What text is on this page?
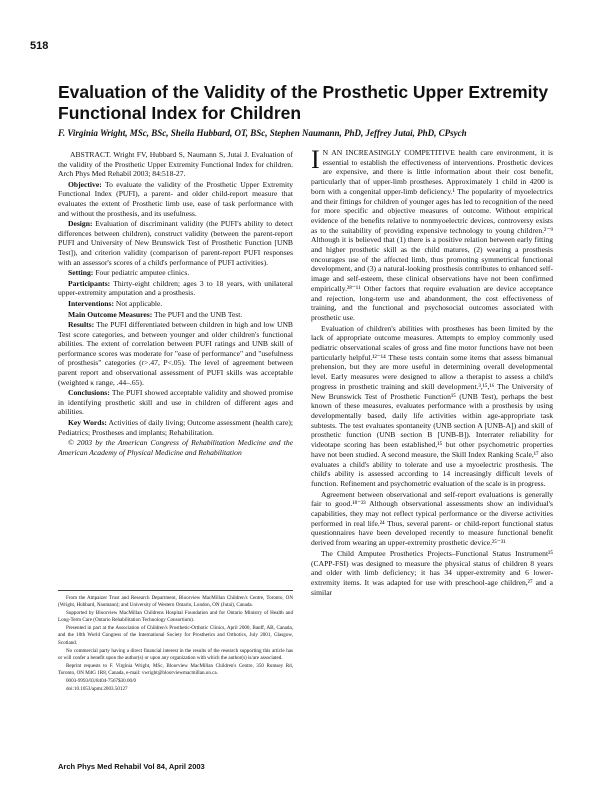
518
Evaluation of the Validity of the Prosthetic Upper Extremity Functional Index for Children

F. Virginia Wright, MSc, BSc, Sheila Hubbard, OT, BSc, Stephen Naumann, PhD, Jeffrey Jutai, PhD, CPsych

ABSTRACT. Wright FV, Hubbard S, Naumann S, Jutai J. Evaluation of the validity of the Prosthetic Upper Extremity Functional Index for children. Arch Phys Med Rehabil 2003; 84:518-27.

Objective: To evaluate the validity of the Prosthetic Upper Extremity Functional Index (PUFI), a parent- and older child-report measure that evaluates the extent of Prosthetic limb use, ease of task performance with and without the prosthesis, and its usefulness.

Design: Evaluation of discriminant validity (the PUFI's ability to detect differences between children), construct validity (between the parent-report PUFI and University of New Brunswick Test of Prosthetic Function [UNB Test]), and criterion validity (comparison of parent-report PUFI responses with an assessor's scores of a child's performance of PUFI activities).

Setting: Four pediatric amputee clinics.

Participants: Thirty-eight children; ages 3 to 18 years, with unilateral upper-extremity amputation and a prosthesis.

Interventions: Not applicable.

Main Outcome Measures: The PUFI and the UNB Test.

Results: The PUFI differentiated between children in high and low UNB Test score categories, and between younger and older children's functional abilities. The extent of correlation between PUFI ratings and UNB skill of performance scores was moderate for "ease of performance" and "usefulness of prosthesis" categories (r>.47, P<.05). The level of agreement between parent report and observational assessment of PUFI skills was acceptable (weighted κ range, .44–.65).

Conclusions: The PUFI showed acceptable validity and showed promise in identifying prosthetic skill and use in children of different ages and abilities.

Key Words: Activities of daily living; Outcome assessment (health care); Pediatrics; Prostheses and implants; Rehabilitation.

© 2003 by the American Congress of Rehabilitation Medicine and the American Academy of Physical Medicine and Rehabilitation

I N AN INCREASINGLY COMPETITIVE health care environment, it is essential to establish the effectiveness of interventions. Prosthetic devices are expensive, and there is little information about their cost benefit, particularly that of upper-limb prostheses. Approximately 1 child in 4200 is born with a congenital upper-limb deficiency.¹ The popularity of myoelectrics and their fittings for children of younger ages has led to recognition of the need for more specific and objective measures of outcome. Without empirical evidence of the benefits relative to nonmyoelectric devices, controversy exists as to the suitability of providing expensive technology to young children.²⁻⁹ Although it is believed that (1) there is a positive relation between early fitting and higher prosthetic skill as the child matures, (2) wearing a prosthesis encourages use of the affected limb, thus promoting symmetrical functional development, and (3) a natural-looking prosthesis contributes to enhanced self-image and self-esteem, these clinical observations have not been confirmed empirically.²⁸⁻¹¹ Other factors that require evaluation are device acceptance and rejection, long-term use and abandonment, the cost effectiveness of training, and the functional and psychosocial outcomes associated with prosthetic use.

Evaluation of children's abilities with prostheses has been limited by the lack of appropriate outcome measures. Attempts to employ commonly used pediatric observational scales of gross and fine motor functions have not been particularly helpful.¹²⁻¹⁴ These tests contain some items that assess bimanual prehension, but they are more useful in determining overall developmental level. Early measures were designed to allow a therapist to assess a child's progress in prosthetic training and skill development.³,¹⁵,¹⁶ The University of New Brunswick Test of Prosthetic Function¹⁵ (UNB Test), perhaps the best known of these measures, evaluates performance with a prosthesis by using developmentally based, daily life activities within age-appropriate task subtests. The test evaluates spontaneity (UNB section A [UNB-A]) and skill of prosthetic function (UNB section B [UNB-B]). Interrater reliability for videotape scoring has been established,¹⁵ but other psychometric properties have not been studied. A second measure, the Skill Index Ranking Scale,¹⁷ also evaluates a child's ability to tolerate and use a myoelectric prosthesis. The child's ability is assessed according to 14 increasingly difficult levels of function. Refinement and psychometric evaluation of the scale is in progress.

Agreement between observational and self-report evaluations is generally fair to good.¹⁸⁻²³ Although observational assessments show an individual's capabilities, they may not reflect typical performance or the diverse activities performed in real life.²⁴ Thus, several parent- or child-report functional status questionnaires have been developed recently to measure functional benefit derived from wearing an upper-extremity prosthetic device.²⁵⁻³¹

The Child Amputee Prosthetics Projects–Functional Status Instrument²⁵ (CAPP-FSI) was designed to measure the physical status of children 8 years and older with limb deficiency; it has 34 upper-extremity and 6 lower-extremity items. It was adapted for use with preschool-age children,²⁷ and a similar

From the Ampaizer Trust and Research Department, Bloorview MacMillan Children's Centre, Toronto, ON (Wright, Hubbard, Naumann); and University of Western Ontario, London, ON (Jutai), Canada.

Supported by Bloorview MacMillan Childrens Hospital Foundation and for Ontario Ministry of Health and Long-Term Care (Ontario Rehabilitation Technology Consortium).

Presented in part at the Association of Children's Prosthetic-Orthotic Clinics, April 2000, Banff, AB, Canada, and the 10th World Congress of the International Society for Prosthetics and Orthotics, July 2001, Glasgow, Scotland.

No commercial party having a direct financial interest in the results of the research supporting this article has or will confer a benefit upon the author(s) or upon any organization with which the author(s) is/are associated.

Reprint requests to F. Virginia Wright, MSc, Bloorview MacMillan Children's Centre, 350 Rumsey Rd, Toronto, ON M4G 1R8, Canada, e-mail: vwright@bloorviewmacmillan.on.ca.

0003-9993/03/8404-7567$30.00/0

doi:10.1053/apmr.2003.50127

Arch Phys Med Rehabil Vol 84, April 2003
